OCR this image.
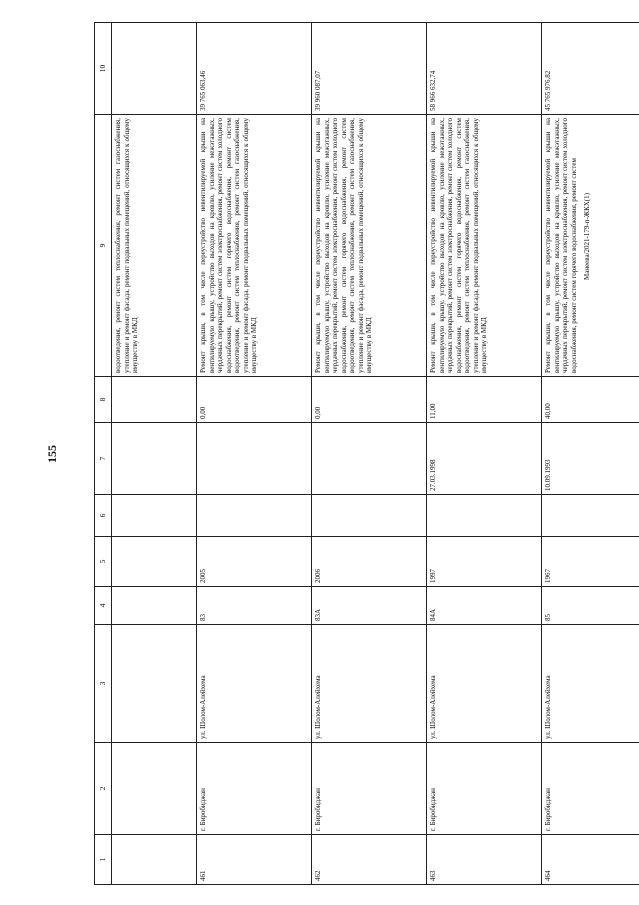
155
Манеева/2021-179-п-ЖКХ(1)
1	2	3	4	5	6	7	8	9	10
								водоотведения, ремонт систем теплоснабжения, ремонт систем газоснабжения, утепление и ремонт фасада, ремонт подвальных помещений, относящихся к общему имуществу в МКД	
461	г. Биробиджан	ул. Шолом-Алейхема	83	2005			0,00	Ремонт крыши, в том числе переустройство невентилируемой крыши на вентилируемую крышу, устройство выходов на кровлю, усиление межэтажных, чердачных перекрытий, ремонт систем электроснабжения, ремонт систем холодного водоснабжения, ремонт систем горячего водоснабжения, ремонт систем водоотведения, ремонт систем теплоснабжения, ремонт систем газоснабжения, утепление и ремонт фасада, ремонт подвальных помещений, относящихся к общему имуществу в МКД	39 765 063,46
462	г. Биробиджан	ул. Шолом-Алейхема	83А	2006			0,00	Ремонт крыши, в том числе переустройство невентилируемой крыши на вентилируемую крышу, устройство выходов на кровлю, усиление межэтажных, чердачных перекрытий, ремонт систем электроснабжения, ремонт систем холодного водоснабжения, ремонт систем горячего водоснабжения, ремонт систем водоотведения, ремонт систем теплоснабжения, ремонт систем газоснабжения, утепление и ремонт фасада, ремонт подвальных помещений, относящихся к общему имуществу в МКД	39 960 087,07
463	г. Биробиджан	ул. Шолом-Алейхема	84А	1997		27.03.1998	11,00	Ремонт крыши, в том числе переустройство невентилируемой крыши на вентилируемую крышу, устройство выходов на кровлю, усиление межэтажных, чердачных перекрытий, ремонт систем электроснабжения, ремонт систем холодного водоснабжения, ремонт систем горячего водоснабжения, ремонт систем водоотведения, ремонт систем теплоснабжения, ремонт систем газоснабжения, утепление и ремонт фасада, ремонт подвальных помещений, относящихся к общему имуществу в МКД	58 966 632,74
464	г. Биробиджан	ул. Шолом-Алейхема	85	1967		10.09.1993	40,00	Ремонт крыши, в том числе переустройство невентилируемой крыши на вентилируемую крышу, устройство выходов на кровлю, усиление межэтажных, чердачных перекрытий, ремонт систем электроснабжения, ремонт систем холодного водоснабжения, ремонт систем горячего водоснабжения, ремонт систем	45 765 976,82
